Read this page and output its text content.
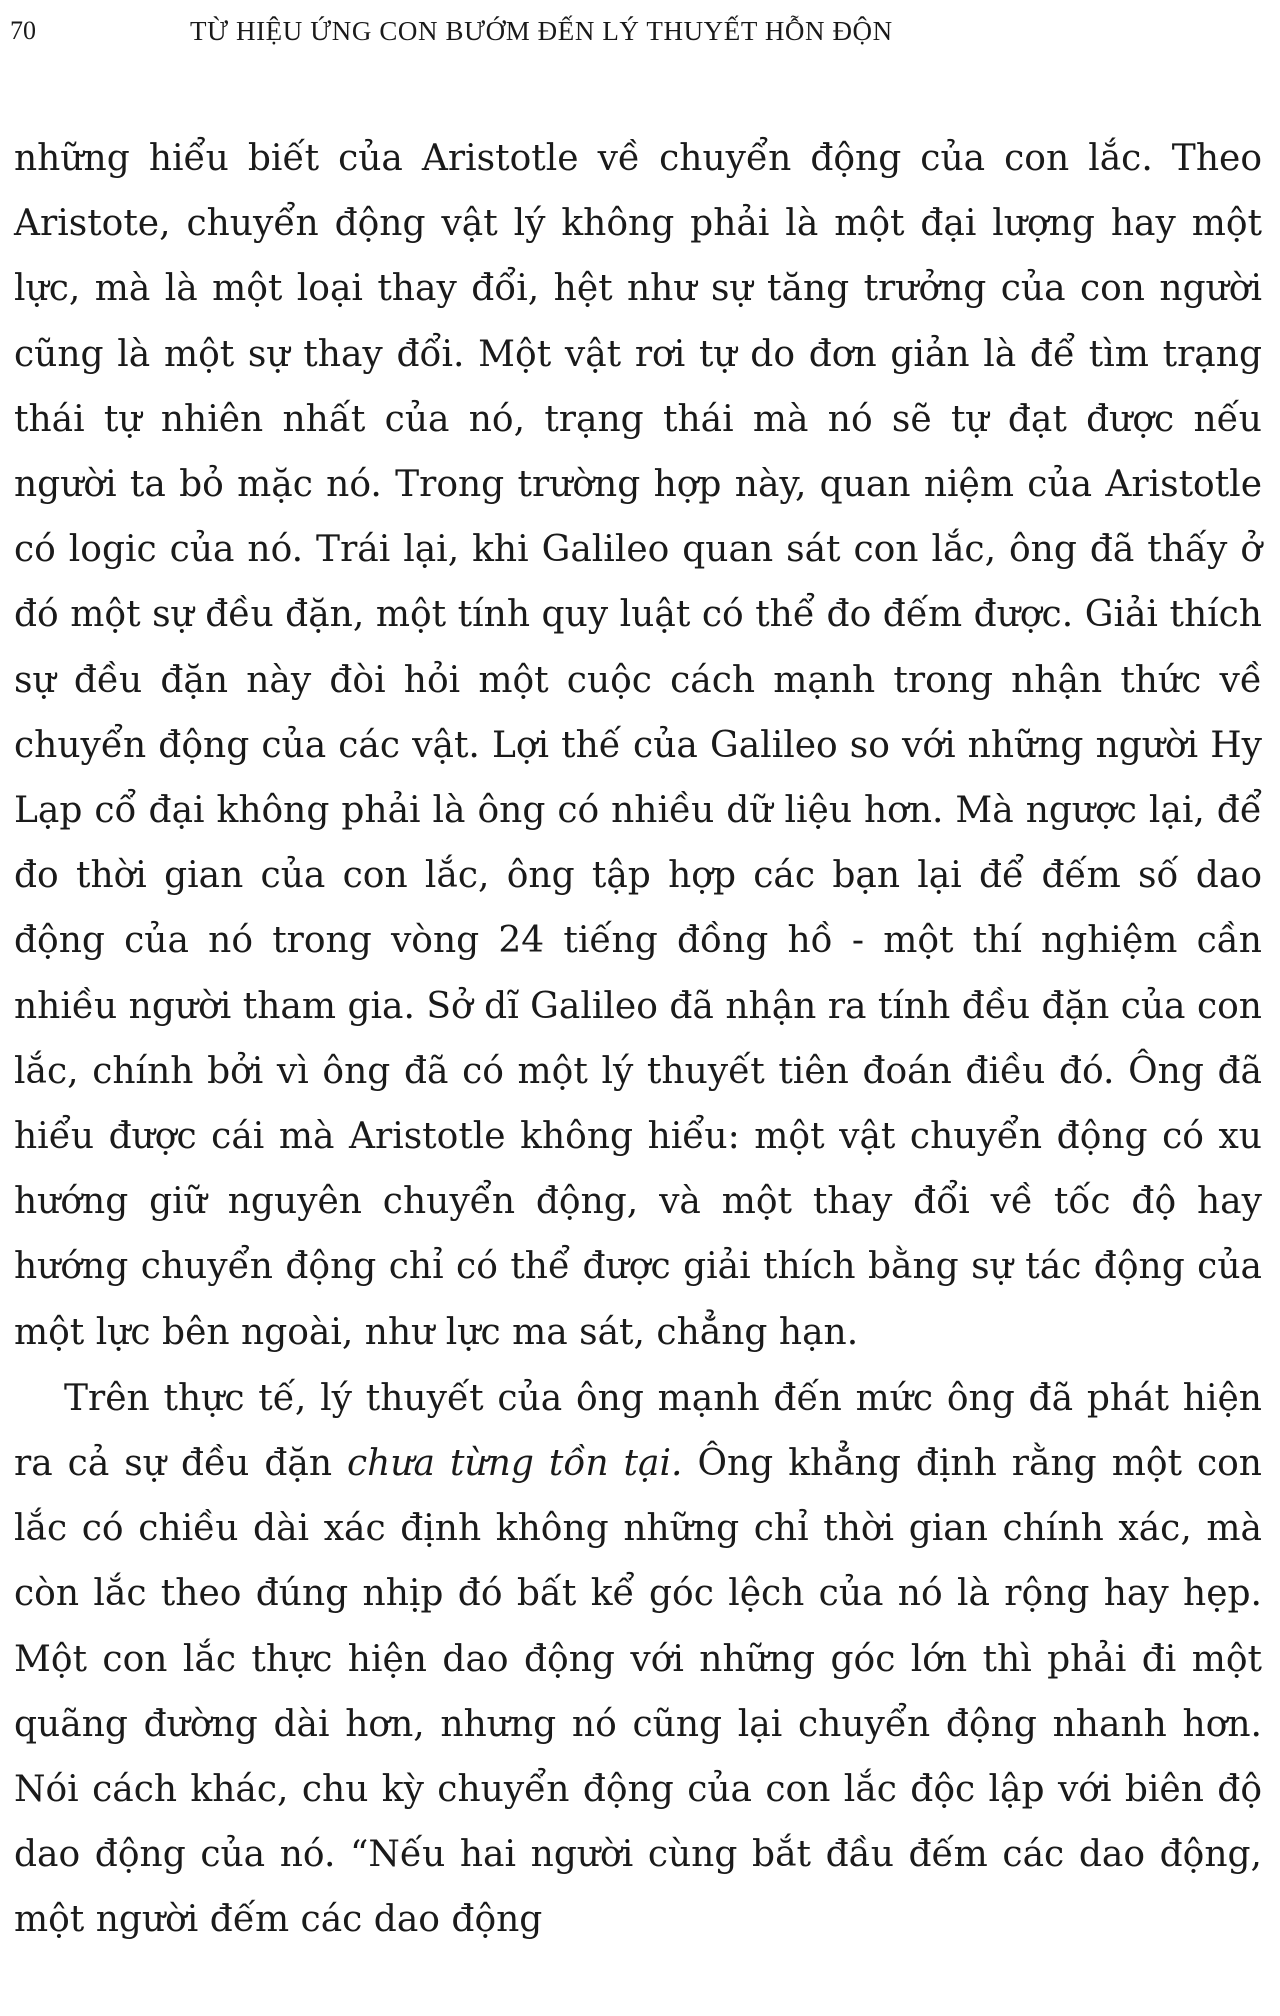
70	TỪ HIỆU ỨNG CON BƯỚM ĐẾN LÝ THUYẾT HỖN ĐỘN

những hiểu biết của Aristotle về chuyển động của con lắc. Theo Aristote, chuyển động vật lý không phải là một đại lượng hay một lực, mà là một loại thay đổi, hệt như sự tăng trưởng của con người cũng là một sự thay đổi. Một vật rơi tự do đơn giản là để tìm trạng thái tự nhiên nhất của nó, trạng thái mà nó sẽ tự đạt được nếu người ta bỏ mặc nó. Trong trường hợp này, quan niệm của Aristotle có logic của nó. Trái lại, khi Galileo quan sát con lắc, ông đã thấy ở đó một sự đều đặn, một tính quy luật có thể đo đếm được. Giải thích sự đều đặn này đòi hỏi một cuộc cách mạnh trong nhận thức về chuyển động của các vật. Lợi thế của Galileo so với những người Hy Lạp cổ đại không phải là ông có nhiều dữ liệu hơn. Mà ngược lại, để đo thời gian của con lắc, ông tập hợp các bạn lại để đếm số dao động của nó trong vòng 24 tiếng đồng hồ - một thí nghiệm cần nhiều người tham gia. Sở dĩ Galileo đã nhận ra tính đều đặn của con lắc, chính bởi vì ông đã có một lý thuyết tiên đoán điều đó. Ông đã hiểu được cái mà Aristotle không hiểu: một vật chuyển động có xu hướng giữ nguyên chuyển động, và một thay đổi về tốc độ hay hướng chuyển động chỉ có thể được giải thích bằng sự tác động của một lực bên ngoài, như lực ma sát, chẳng hạn.

Trên thực tế, lý thuyết của ông mạnh đến mức ông đã phát hiện ra cả sự đều đặn chưa từng tồn tại. Ông khẳng định rằng một con lắc có chiều dài xác định không những chỉ thời gian chính xác, mà còn lắc theo đúng nhịp đó bất kể góc lệch của nó là rộng hay hẹp. Một con lắc thực hiện dao động với những góc lớn thì phải đi một quãng đường dài hơn, nhưng nó cũng lại chuyển động nhanh hơn. Nói cách khác, chu kỳ chuyển động của con lắc độc lập với biên độ dao động của nó. “Nếu hai người cùng bắt đầu đếm các dao động, một người đếm các dao động
